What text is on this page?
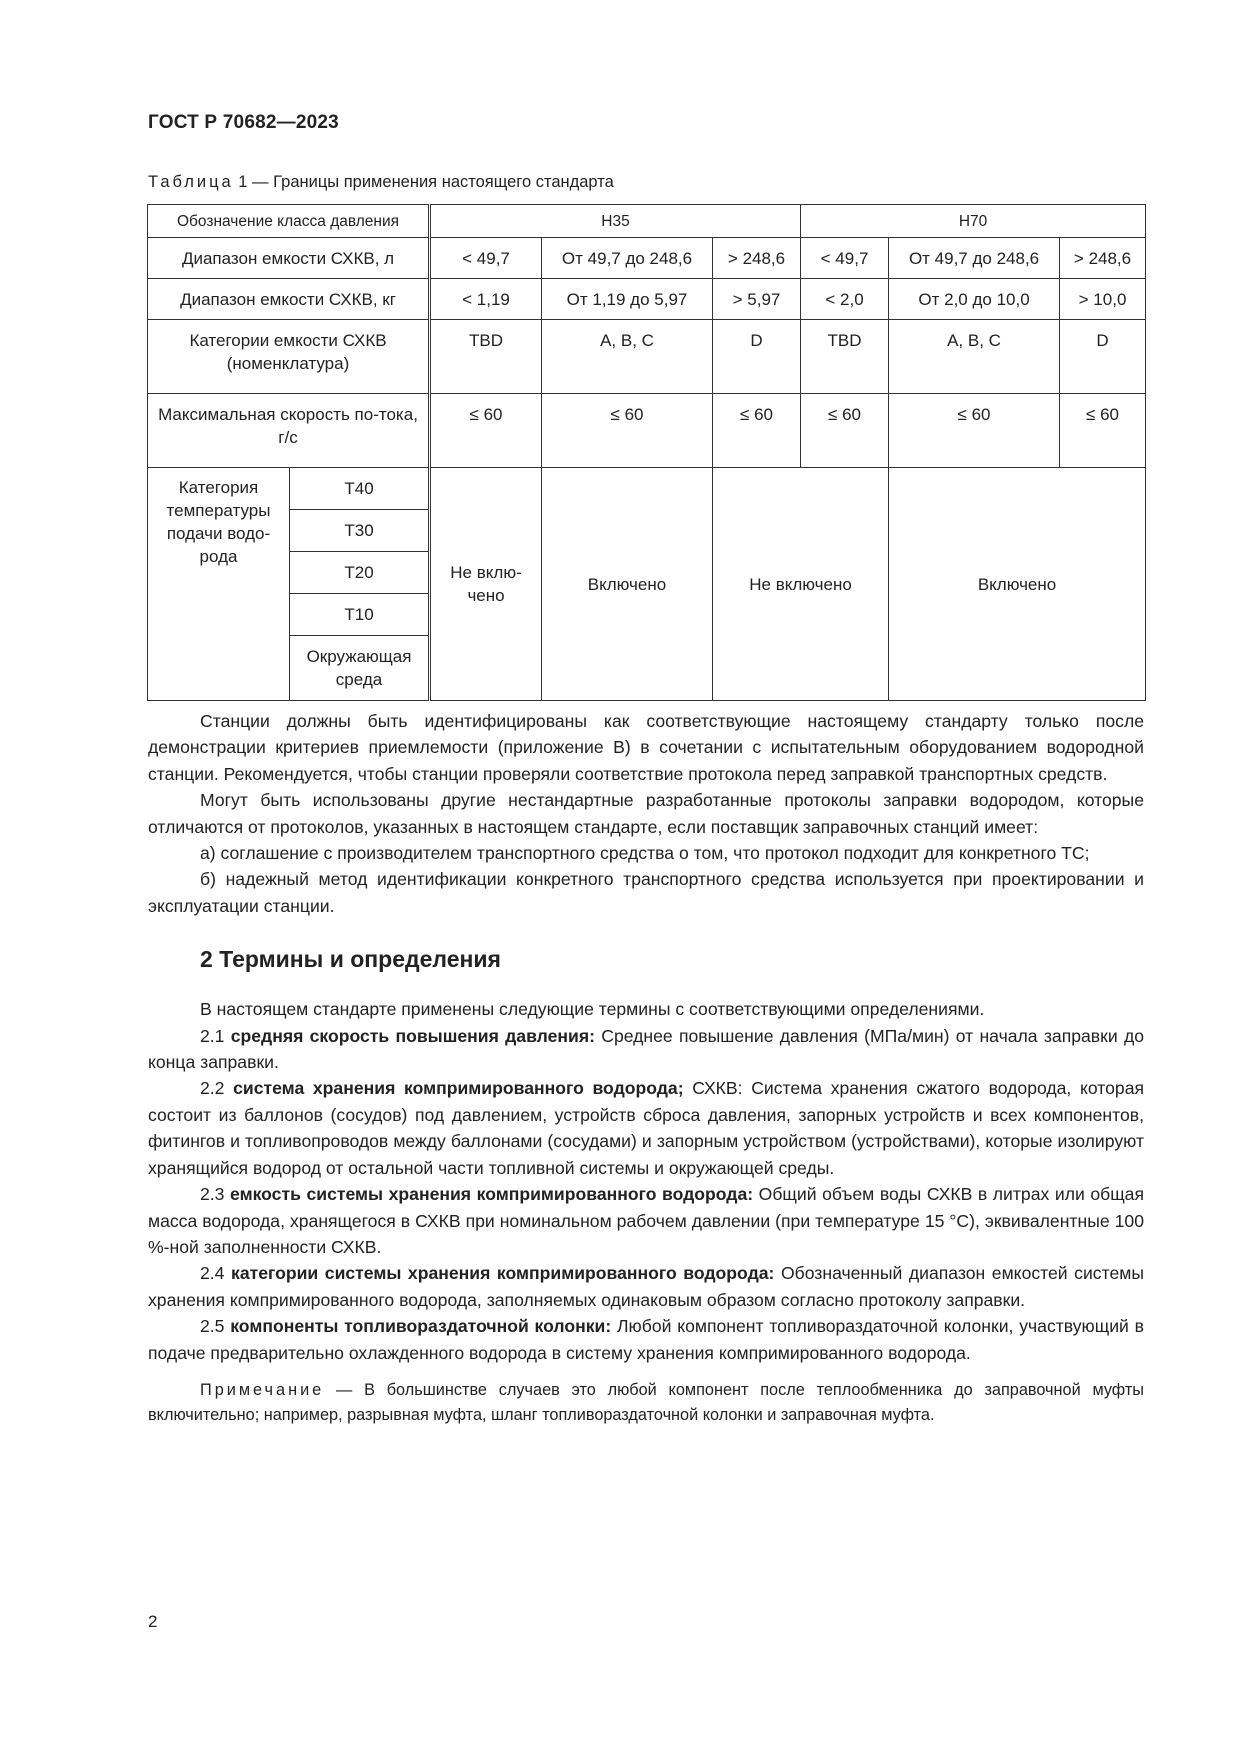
ГОСТ Р 70682—2023
Таблица 1 — Границы применения настоящего стандарта
Обозначение класса давления		H35			H70		
Диапазон емкости СХКВ, л		< 49,7	От 49,7 до 248,6	> 248,6	< 49,7	От 49,7 до 248,6	> 248,6
Диапазон емкости СХКВ, кг		< 1,19	От 1,19 до 5,97	> 5,97	< 2,0	От 2,0 до 10,0	> 10,0
Категории емкости СХКВ (номенклатура)		TBD	A, B, C	D	TBD	A, B, C	D
Максимальная скорость по-тока, г/с		≤ 60	≤ 60	≤ 60	≤ 60	≤ 60	≤ 60
Категория температуры подачи водо-рода	T40	Не вклю-чено	Включено	Не включено		Включено	
	T30						
	T20						
	T10						
	Окружающая среда						

Станции должны быть идентифицированы как соответствующие настоящему стандарту только после демонстрации критериев приемлемости (приложение В) в сочетании с испытательным оборудованием водородной станции. Рекомендуется, чтобы станции проверяли соответствие протокола перед заправкой транспортных средств.

Могут быть использованы другие нестандартные разработанные протоколы заправки водородом, которые отличаются от протоколов, указанных в настоящем стандарте, если поставщик заправочных станций имеет:

а) соглашение с производителем транспортного средства о том, что протокол подходит для конкретного ТС;

б) надежный метод идентификации конкретного транспортного средства используется при проектировании и эксплуатации станции.

2 Термины и определения

В настоящем стандарте применены следующие термины с соответствующими определениями.

2.1 средняя скорость повышения давления: Среднее повышение давления (МПа/мин) от начала заправки до конца заправки.

2.2 система хранения компримированного водорода; СХКВ: Система хранения сжатого водорода, которая состоит из баллонов (сосудов) под давлением, устройств сброса давления, запорных устройств и всех компонентов, фитингов и топливопроводов между баллонами (сосудами) и запорным устройством (устройствами), которые изолируют хранящийся водород от остальной части топливной системы и окружающей среды.

2.3 емкость системы хранения компримированного водорода: Общий объем воды СХКВ в литрах или общая масса водорода, хранящегося в СХКВ при номинальном рабочем давлении (при температуре 15 °С), эквивалентные 100 %-ной заполненности СХКВ.

2.4 категории системы хранения компримированного водорода: Обозначенный диапазон емкостей системы хранения компримированного водорода, заполняемых одинаковым образом согласно протоколу заправки.

2.5 компоненты топливораздаточной колонки: Любой компонент топливораздаточной колонки, участвующий в подаче предварительно охлажденного водорода в систему хранения компримированного водорода.

Примечание — В большинстве случаев это любой компонент после теплообменника до заправочной муфты включительно; например, разрывная муфта, шланг топливораздаточной колонки и заправочная муфта.

2
